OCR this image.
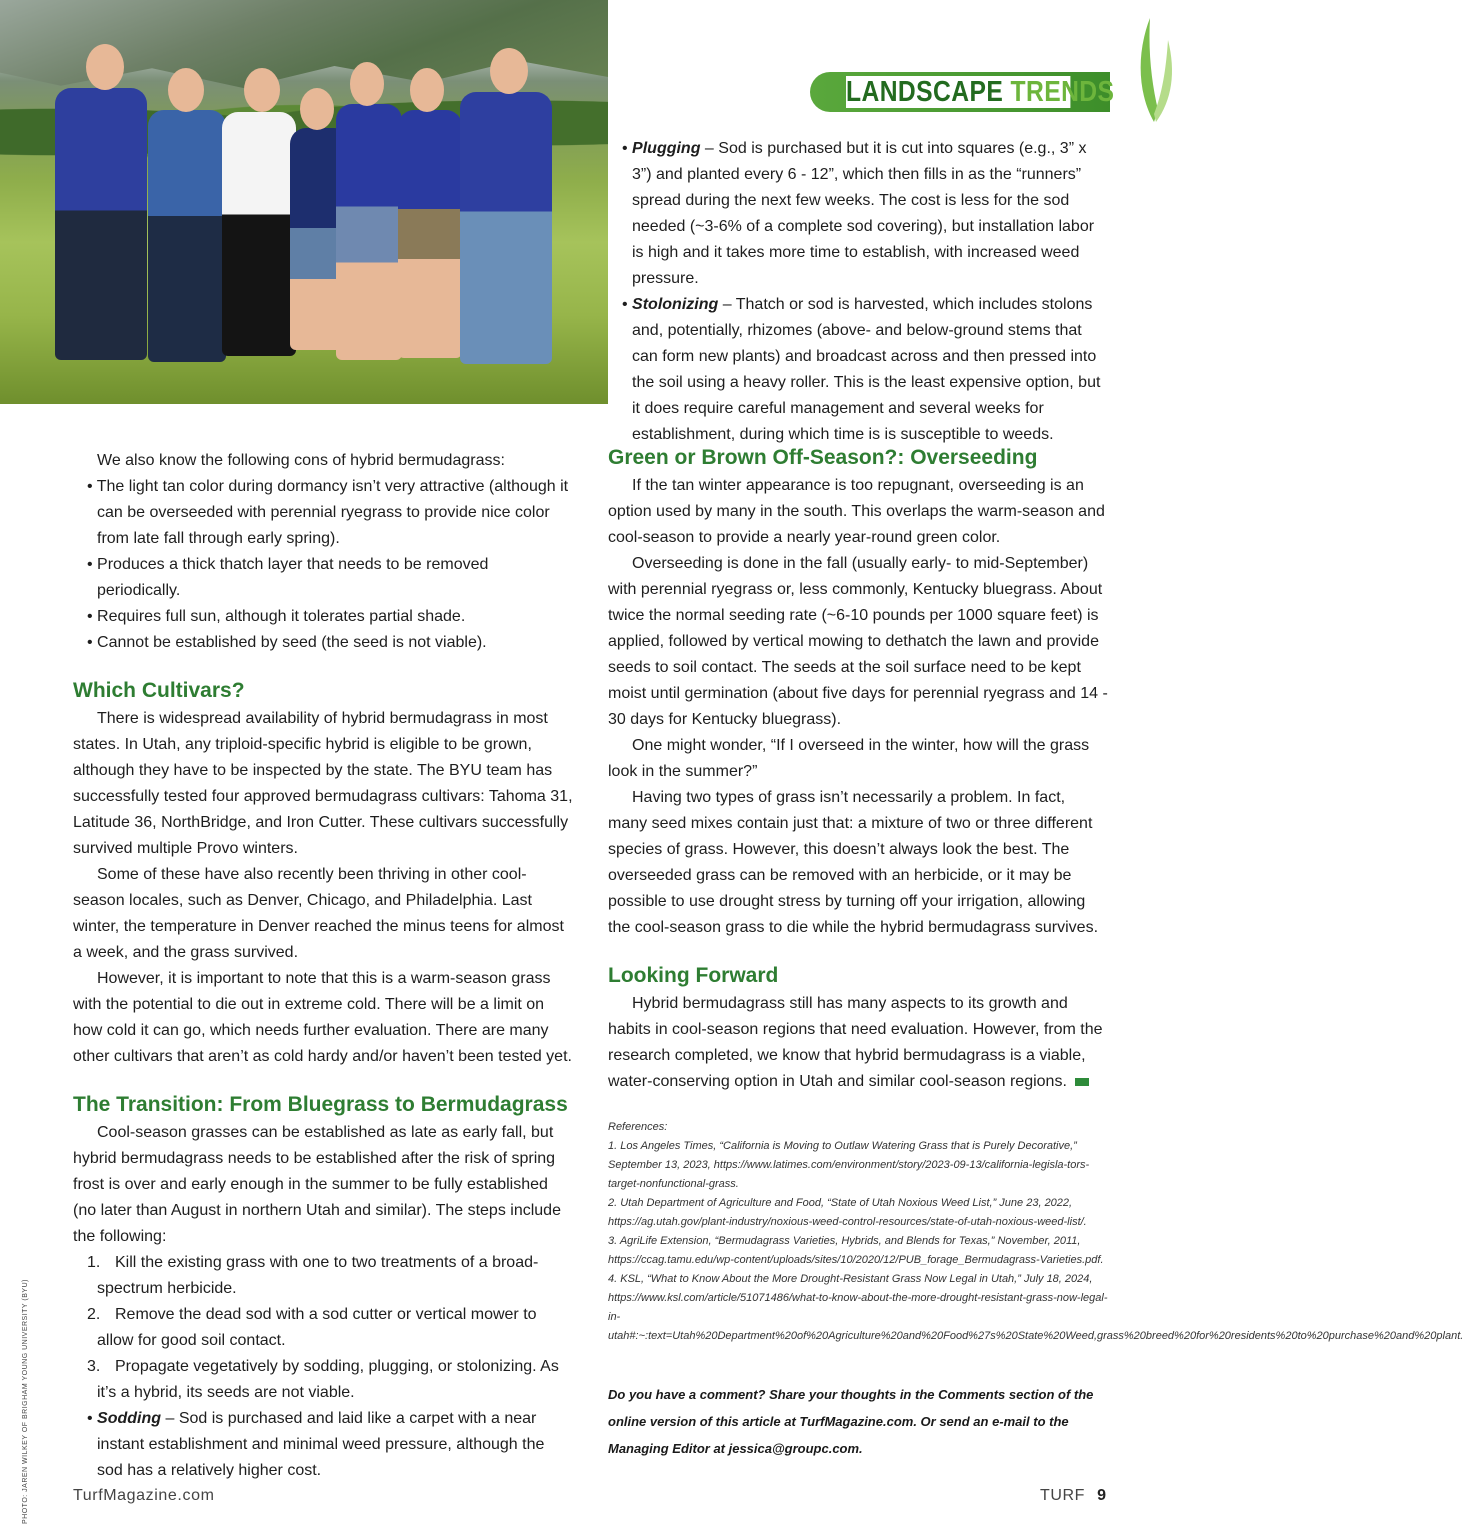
PHOTO: JAREN WILKEY OF BRIGHAM YOUNG UNIVERSITY (BYU)
LANDSCAPE TRENDS

We also know the following cons of hybrid bermudagrass:

• The light tan color during dormancy isn’t very attractive (although it can be overseeded with perennial ryegrass to provide nice color from late fall through early spring).

• Produces a thick thatch layer that needs to be removed periodically.

• Requires full sun, although it tolerates partial shade.

• Cannot be established by seed (the seed is not viable).

Which Cultivars?

There is widespread availability of hybrid bermudagrass in most states. In Utah, any triploid-specific hybrid is eligible to be grown, although they have to be inspected by the state. The BYU team has successfully tested four approved bermudagrass cultivars: Tahoma 31, Latitude 36, NorthBridge, and Iron Cutter. These cultivars successfully survived multiple Provo winters.

Some of these have also recently been thriving in other cool-season locales, such as Denver, Chicago, and Philadelphia. Last winter, the temperature in Denver reached the minus teens for almost a week, and the grass survived.

However, it is important to note that this is a warm-season grass with the potential to die out in extreme cold. There will be a limit on how cold it can go, which needs further evaluation. There are many other cultivars that aren’t as cold hardy and/or haven’t been tested yet.

The Transition: From Bluegrass to Bermudagrass

Cool-season grasses can be established as late as early fall, but hybrid bermudagrass needs to be established after the risk of spring frost is over and early enough in the summer to be fully established (no later than August in northern Utah and similar). The steps include the following:

1. Kill the existing grass with one to two treatments of a broad-spectrum herbicide.

2. Remove the dead sod with a sod cutter or vertical mower to allow for good soil contact.

3. Propagate vegetatively by sodding, plugging, or stolonizing. As it’s a hybrid, its seeds are not viable.

• Sodding – Sod is purchased and laid like a carpet with a near instant establishment and minimal weed pressure, although the sod has a relatively higher cost.

• Plugging – Sod is purchased but it is cut into squares (e.g., 3” x 3”) and planted every 6 - 12”, which then fills in as the “runners” spread during the next few weeks. The cost is less for the sod needed (~3-6% of a complete sod covering), but installation labor is high and it takes more time to establish, with increased weed pressure.

• Stolonizing – Thatch or sod is harvested, which includes stolons and, potentially, rhizomes (above- and below-ground stems that can form new plants) and broadcast across and then pressed into the soil using a heavy roller. This is the least expensive option, but it does require careful management and several weeks for establishment, during which time is is susceptible to weeds.

Green or Brown Off-Season?: Overseeding

If the tan winter appearance is too repugnant, overseeding is an option used by many in the south. This overlaps the warm-season and cool-season to provide a nearly year-round green color.

Overseeding is done in the fall (usually early- to mid-September) with perennial ryegrass or, less commonly, Kentucky bluegrass. About twice the normal seeding rate (~6-10 pounds per 1000 square feet) is applied, followed by vertical mowing to dethatch the lawn and provide seeds to soil contact. The seeds at the soil surface need to be kept moist until germination (about five days for perennial ryegrass and 14 - 30 days for Kentucky bluegrass).

One might wonder, “If I overseed in the winter, how will the grass look in the summer?”

Having two types of grass isn’t necessarily a problem. In fact, many seed mixes contain just that: a mixture of two or three different species of grass. However, this doesn’t always look the best. The overseeded grass can be removed with an herbicide, or it may be possible to use drought stress by turning off your irrigation, allowing the cool-season grass to die while the hybrid bermudagrass survives.

Looking Forward

Hybrid bermudagrass still has many aspects to its growth and habits in cool-season regions that need evaluation. However, from the research completed, we know that hybrid bermudagrass is a viable, water-conserving option in Utah and similar cool-season regions.

References:

1. Los Angeles Times, “California is Moving to Outlaw Watering Grass that is Purely Decorative,” September 13, 2023, https://www.latimes.com/environment/story/2023-09-13/california-legisla-tors-target-nonfunctional-grass.

2. Utah Department of Agriculture and Food, “State of Utah Noxious Weed List,” June 23, 2022, https://ag.utah.gov/plant-industry/noxious-weed-control-resources/state-of-utah-noxious-weed-list/.

3. AgriLife Extension, “Bermudagrass Varieties, Hybrids, and Blends for Texas,” November, 2011, https://ccag.tamu.edu/wp-content/uploads/sites/10/2020/12/PUB_forage_Bermudagrass-Varieties.pdf.

4. KSL, “What to Know About the More Drought-Resistant Grass Now Legal in Utah,” July 18, 2024, https://www.ksl.com/article/51071486/what-to-know-about-the-more-drought-resistant-grass-now-legal-in-utah#:~:text=Utah%20Department%20of%20Agriculture%20and%20Food%27s%20State%20Weed,grass%20breed%20for%20residents%20to%20purchase%20and%20plant.

Do you have a comment? Share your thoughts in the Comments section of the online version of this article at TurfMagazine.com. Or send an e-mail to the Managing Editor at jessica@groupc.com.
TurfMagazine.com	TURF 9
